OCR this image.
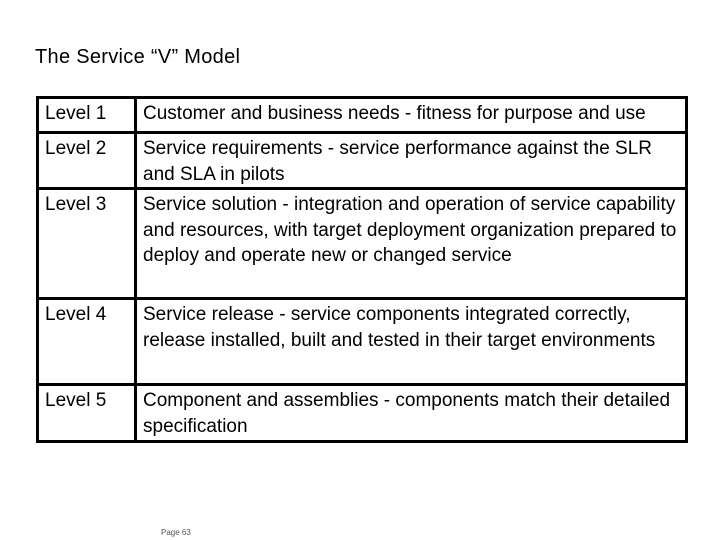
The Service “V” Model
Level 1	Customer and business needs - fitness for purpose and use
Level 2	Service requirements - service performance against the SLR and SLA in pilots
Level 3	Service solution - integration and operation of service capability and resources, with target deployment organization prepared to deploy and operate new or changed service
Level 4	Service release - service components integrated correctly, release installed, built and tested in their target environments
Level 5	Component and assemblies - components match their detailed specification
Page 63
